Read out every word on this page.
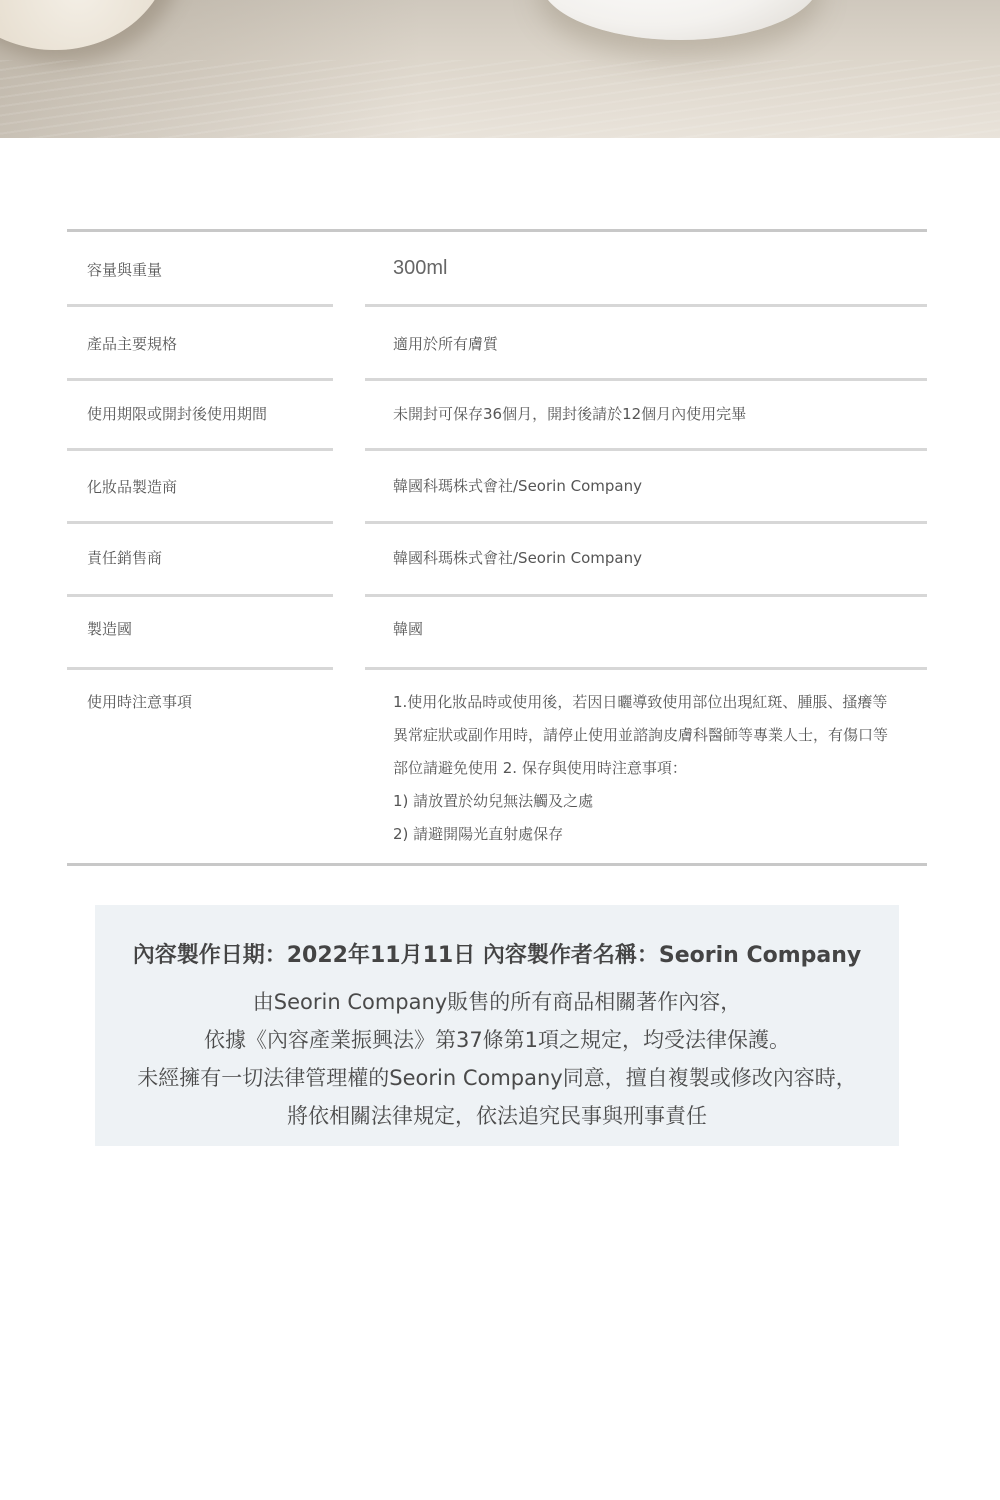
容量與重量	300ml
產品主要規格	適用於所有膚質
使用期限或開封後使用期間	未開封可保存36個月，開封後請於12個月內使用完畢
化妝品製造商	韓國科瑪株式會社/Seorin Company
責任銷售商	韓國科瑪株式會社/Seorin Company
製造國	韓國
使用時注意事項	1.使用化妝品時或使用後，若因日曬導致使用部位出現紅斑、腫脹、搔癢等

異常症狀或副作用時，請停止使用並諮詢皮膚科醫師等專業人士，有傷口等

部位請避免使用 2. 保存與使用時注意事項：

1) 請放置於幼兒無法觸及之處

2) 請避開陽光直射處保存

內容製作日期：2022年11月11日 內容製作者名稱：Seorin Company

由Seorin Company販售的所有商品相關著作內容，
依據《內容產業振興法》第37條第1項之規定，均受法律保護。
未經擁有一切法律管理權的Seorin Company同意，擅自複製或修改內容時，
將依相關法律規定，依法追究民事與刑事責任
